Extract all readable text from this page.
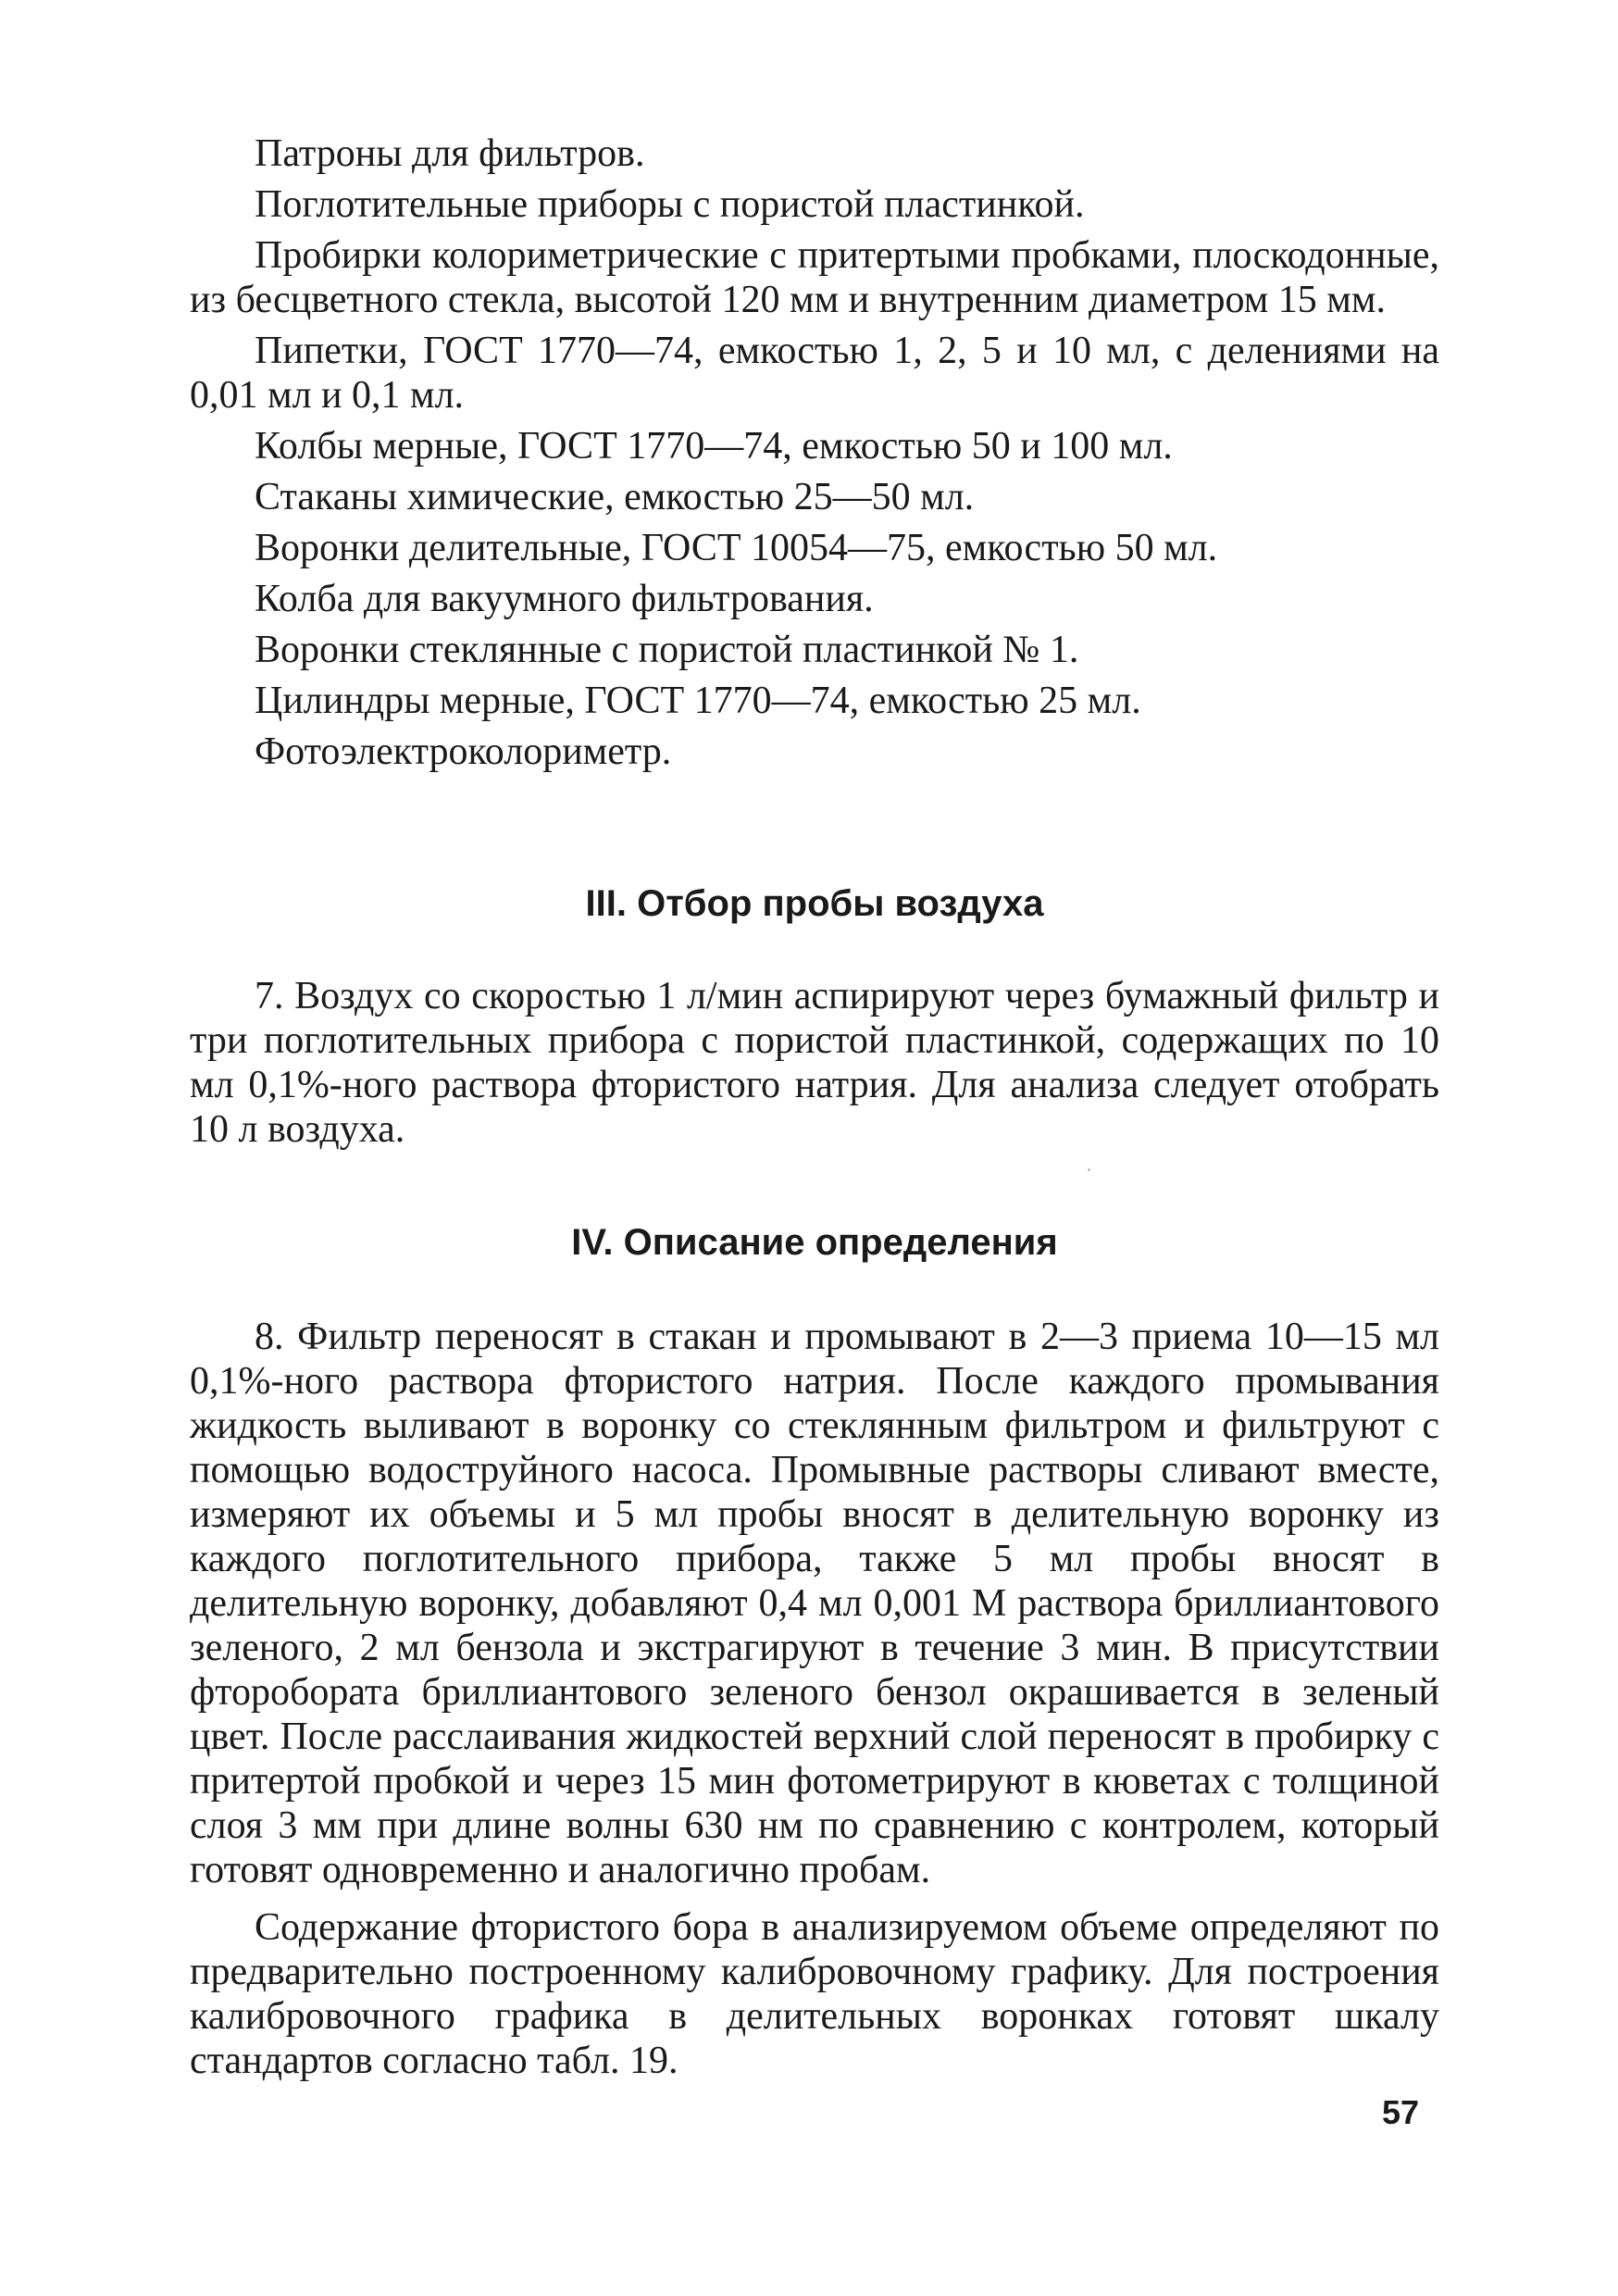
Патроны для фильтров.

Поглотительные приборы с пористой пластинкой.

Пробирки колориметрические с притертыми пробками, плоскодонные, из бесцветного стекла, высотой 120 мм и внутренним диаметром 15 мм.

Пипетки, ГОСТ 1770—74, емкостью 1, 2, 5 и 10 мл, с делениями на 0,01 мл и 0,1 мл.

Колбы мерные, ГОСТ 1770—74, емкостью 50 и 100 мл.

Стаканы химические, емкостью 25—50 мл.

Воронки делительные, ГОСТ 10054—75, емкостью 50 мл.

Колба для вакуумного фильтрования.

Воронки стеклянные с пористой пластинкой № 1.

Цилиндры мерные, ГОСТ 1770—74, емкостью 25 мл.

Фотоэлектроколориметр.

III. Отбор пробы воздуха

7. Воздух со скоростью 1 л/мин аспирируют через бумажный фильтр и три поглотительных прибора с пористой пластинкой, содержащих по 10 мл 0,1%-ного раствора фтористого натрия. Для анализа следует отобрать 10 л воздуха.

IV. Описание определения

8. Фильтр переносят в стакан и промывают в 2—3 приема 10—15 мл 0,1%-ного раствора фтористого натрия. После каждого промывания жидкость выливают в воронку со стеклянным фильтром и фильтруют с помощью водоструйного насоса. Промывные растворы сливают вместе, измеряют их объемы и 5 мл пробы вносят в делительную воронку из каждого поглотительного прибора, также 5 мл пробы вносят в делительную воронку, добавляют 0,4 мл 0,001 М раствора бриллиантового зеленого, 2 мл бензола и экстрагируют в течение 3 мин. В присутствии фторобората бриллиантового зеленого бензол окрашивается в зеленый цвет. После расслаивания жидкостей верхний слой переносят в пробирку с притертой пробкой и через 15 мин фотометрируют в кюветах с толщиной слоя 3 мм при длине волны 630 нм по сравнению с контролем, который готовят одновременно и аналогично пробам.

Содержание фтористого бора в анализируемом объеме определяют по предварительно построенному калибровочному графику. Для построения калибровочного графика в делительных воронках готовят шкалу стандартов согласно табл. 19.

57
